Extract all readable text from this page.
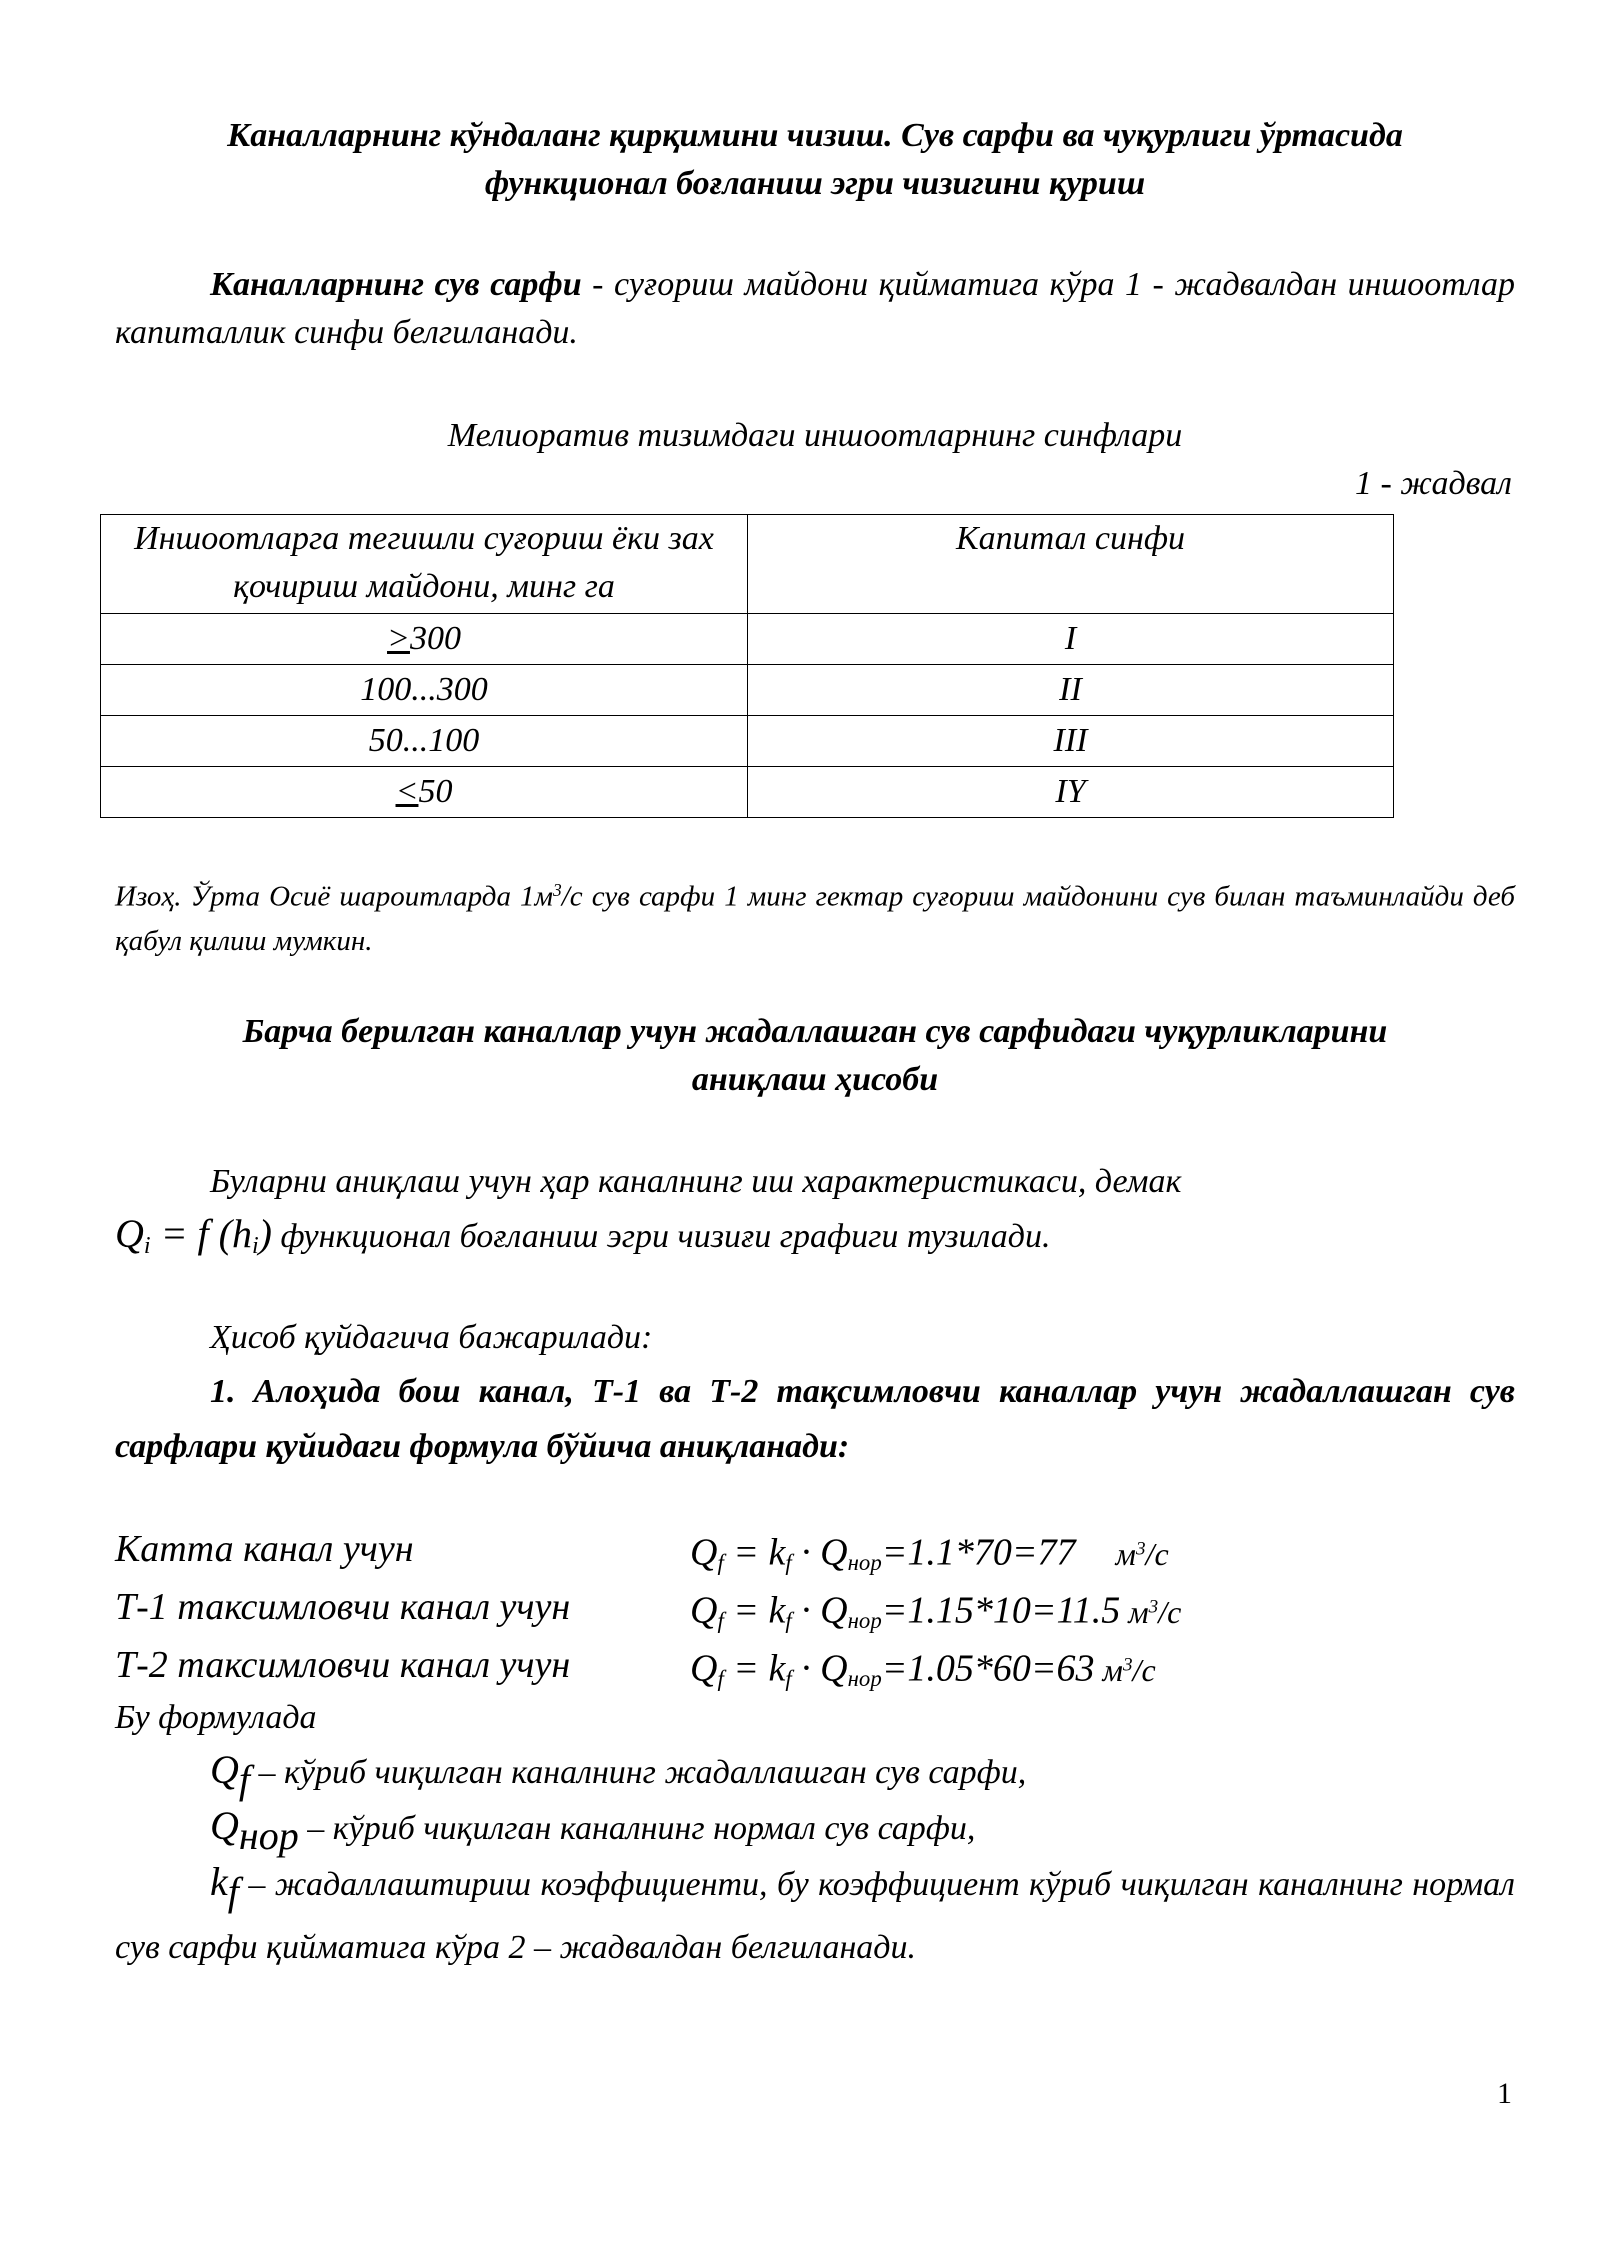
Каналларнинг кўндаланг қирқимини чизиш. Сув сарфи ва чуқурлиги ўртасида
функционал боғланиш эгри чизигини қуриш
Каналларнинг сув сарфи - суғориш майдони қийматига кўра 1 - жадвалдан иншоотлар капиталлик синфи белгиланади.
Мелиоратив тизимдаги иншоотларнинг синфлари
1 - жадвал
Иншоотларга тегишли суғориш ёки зах қочириш майдони, минг га	Капитал синфи
>300	I
100...300	II
50...100	III
<50	IY
Изоҳ. Ўрта Осиё шароитларда $1м^3/с$ сув сарфи 1 минг гектар суғориш майдонини сув билан таъминлайди деб қабул қилиш мумкин.
Барча берилган каналлар учун жадаллашган сув сарфидаги чуқурликларини
аниқлаш ҳисоби
Буларни аниқлаш учун ҳар каналнинг иш характеристикаси, демак
$Q_i = f$ $(h_i)$ функционал боғланиш эгри чизиғи графиги тузилади.
Ҳисоб қуйдагича бажарилади:
1. Алоҳида бош канал, Т-1 ва Т-2 тақсимловчи каналлар учун жадаллашган сув сарфлари қуйидаги формула бўйича аниқланади:
Катта канал учун	$Q_f = k_f \cdot Q_{нор}=1.1*70=77$ $м^3/с$
Т-1 таксимловчи канал учун	$Q_f = k_f \cdot Q_{нор}=1.15*10=11.5$ $м^3/с$
Т-2 таксимловчи канал учун	$Q_f = k_f \cdot Q_{нор}=1.05*60=63$ $м^3/с$
Бу формулада
Qf – кўриб чиқилган каналнинг жадаллашган сув сарфи,
Qнор – кўриб чиқилган каналнинг нормал сув сарфи,
kf – жадаллаштириш коэффициенти, бу коэффициент кўриб чиқилган каналнинг нормал сув сарфи қийматига кўра 2 – жадвалдан белгиланади.
1
